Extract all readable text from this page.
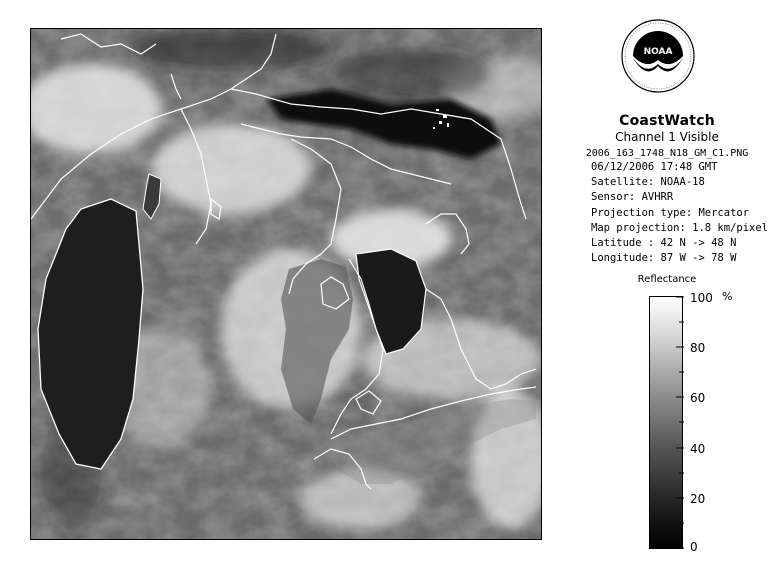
NOAA
CoastWatch
Channel 1 Visible
2006_163_1748_N18_GM_C1.PNG
06/12/2006 17:48 GMT
Satellite: NOAA-18
Sensor: AVHRR
Projection type: Mercator
Map projection: 1.8 km/pixel
Latitude : 42 N -> 48 N
Longitude: 87 W -> 78 W
Reflectance
%
100
80
60
40
20
0
